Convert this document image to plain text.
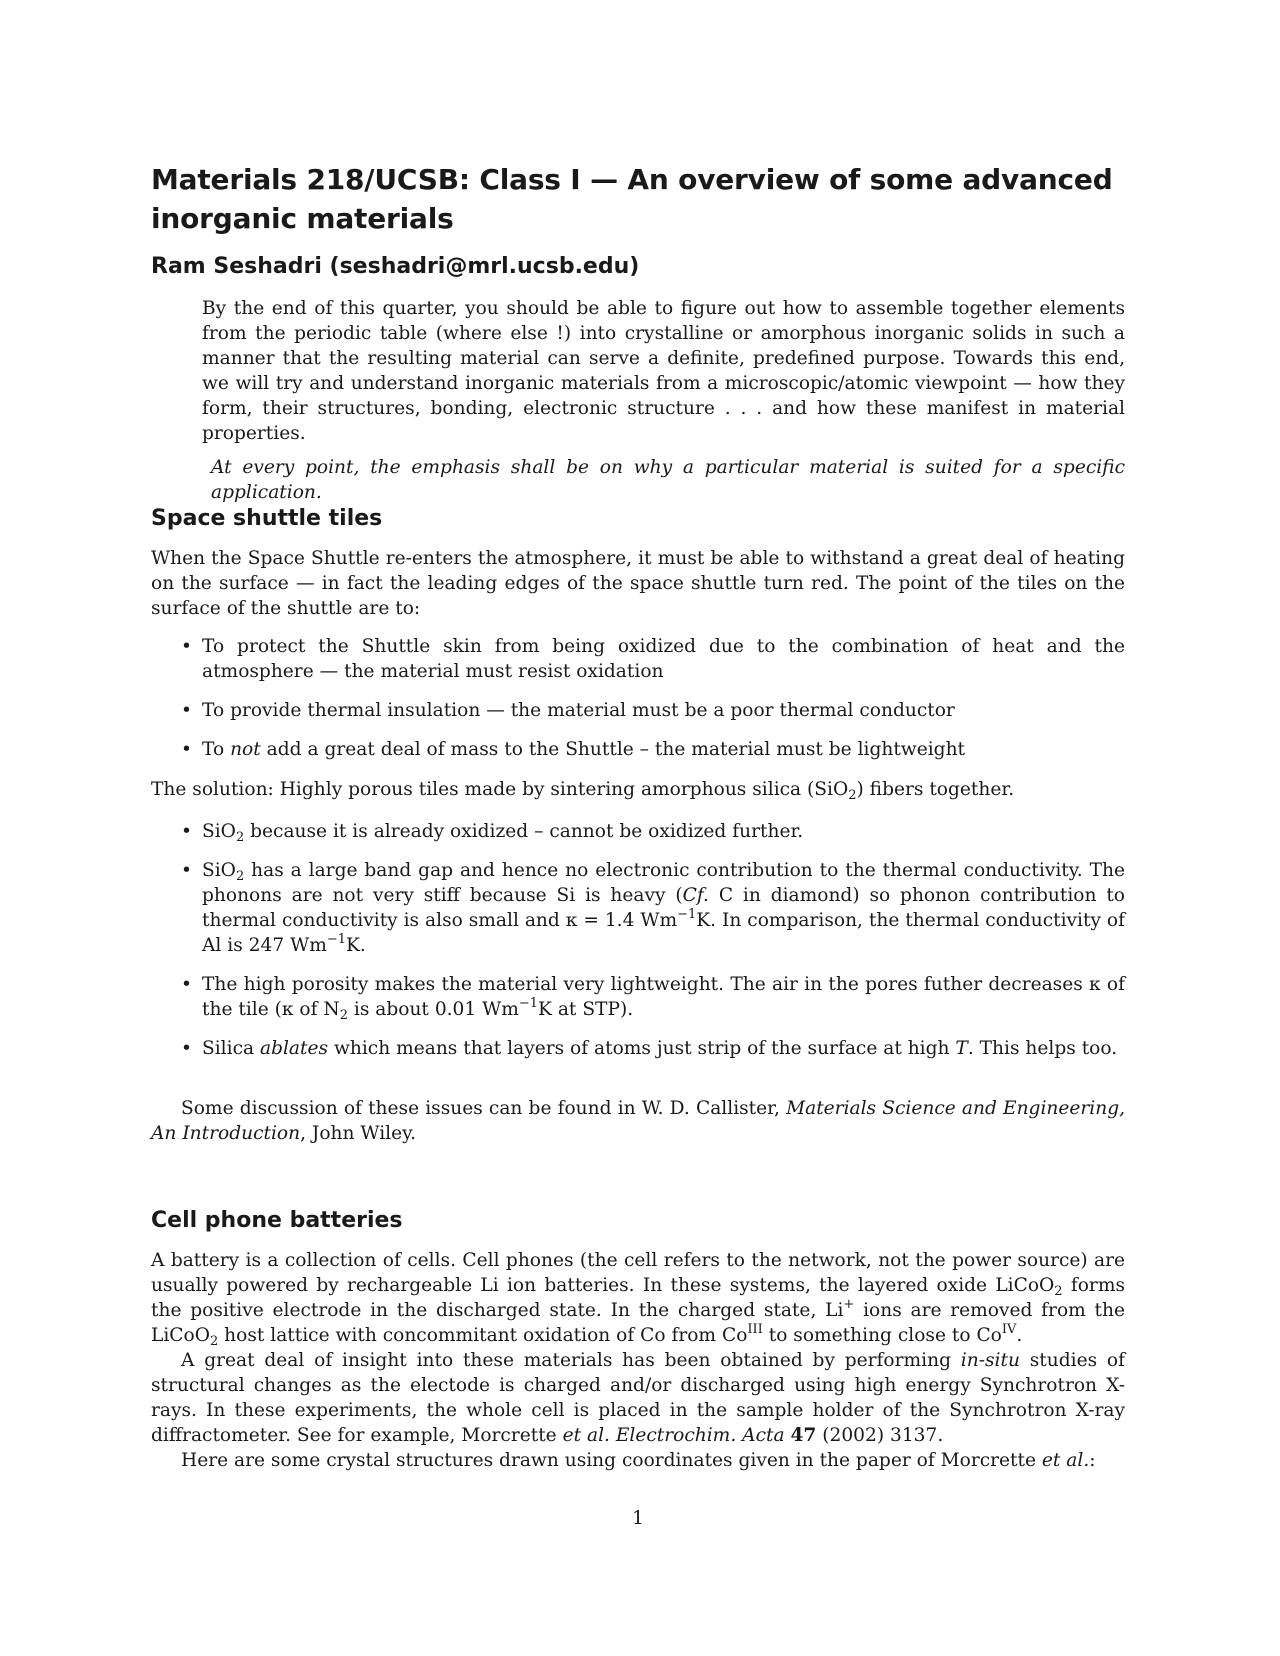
Materials 218/UCSB: Class I — An overview of some advanced inorganic materials
Ram Seshadri (seshadri@mrl.ucsb.edu)

By the end of this quarter, you should be able to figure out how to assemble together elements from the periodic table (where else !) into crystalline or amorphous inorganic solids in such a manner that the resulting material can serve a definite, predefined purpose. Towards this end, we will try and understand inorganic materials from a microscopic/atomic viewpoint — how they form, their structures, bonding, electronic structure . . . and how these manifest in material properties.

At every point, the emphasis shall be on why a particular material is suited for a specific application.

Space shuttle tiles

When the Space Shuttle re-enters the atmosphere, it must be able to withstand a great deal of heating on the surface — in fact the leading edges of the space shuttle turn red. The point of the tiles on the surface of the shuttle are to:

• To protect the Shuttle skin from being oxidized due to the combination of heat and the atmosphere — the material must resist oxidation
• To provide thermal insulation — the material must be a poor thermal conductor
• To not add a great deal of mass to the Shuttle – the material must be lightweight

The solution: Highly porous tiles made by sintering amorphous silica (SiO$_2$) fibers together.

• SiO$_2$ because it is already oxidized – cannot be oxidized further.
• SiO$_2$ has a large band gap and hence no electronic contribution to the thermal conductivity. The phonons are not very stiff because Si is heavy (Cf. C in diamond) so phonon contribution to thermal conductivity is also small and κ = 1.4 $Wm^{-1}K$. In comparison, the thermal conductivity of Al is 247 $Wm^{-1}K$.
• The high porosity makes the material very lightweight. The air in the pores futher decreases κ of the tile (κ of $N_2$ is about 0.01 $Wm^{-1}K$ at STP).
• Silica ablates which means that layers of atoms just strip of the surface at high T. This helps too.

Some discussion of these issues can be found in W. D. Callister, Materials Science and Engineering, An Introduction, John Wiley.

Cell phone batteries

A battery is a collection of cells. Cell phones (the cell refers to the network, not the power source) are usually powered by rechargeable Li ion batteries. In these systems, the layered oxide LiCoO$_2$ forms the positive electrode in the discharged state. In the charged state, Li+ ions are removed from the LiCoO$_2$ host lattice with concommitant oxidation of Co from $Co^{III}$ to something close to $Co^{IV}$.

A great deal of insight into these materials has been obtained by performing in-situ studies of structural changes as the electode is charged and/or discharged using high energy Synchrotron X-rays. In these experiments, the whole cell is placed in the sample holder of the Synchrotron X-ray diffractometer. See for example, Morcrette et al. Electrochim. Acta 47 (2002) 3137.

Here are some crystal structures drawn using coordinates given in the paper of Morcrette et al.:

1
